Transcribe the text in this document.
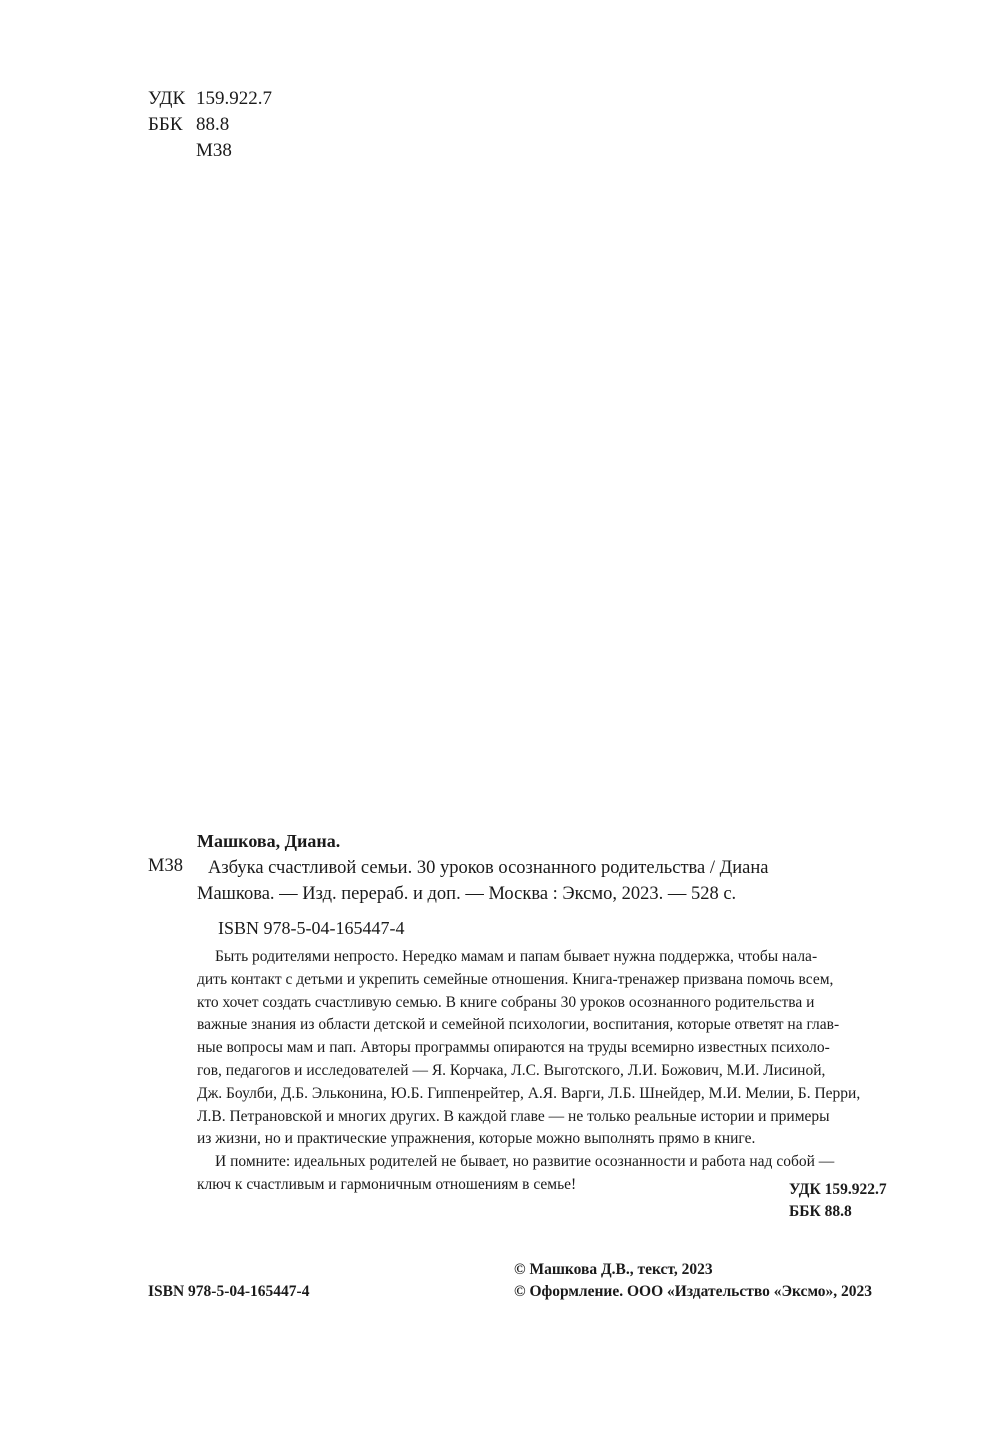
УДК 159.922.7
ББК 88.8
М38
Машкова, Диана.
М38 Азбука счастливой семьи. 30 уроков осознанного родительства / Диана
Машкова. — Изд. перераб. и доп. — Москва : Эксмо, 2023. — 528 с.
ISBN 978-5-04-165447-4
Быть родителями непросто. Нередко мамам и папам бывает нужна поддержка, чтобы нала-
дить контакт с детьми и укрепить семейные отношения. Книга-тренажер призвана помочь всем,
кто хочет создать счастливую семью. В книге собраны 30 уроков осознанного родительства и
важные знания из области детской и семейной психологии, воспитания, которые ответят на глав-
ные вопросы мам и пап. Авторы программы опираются на труды всемирно известных психоло-
гов, педагогов и исследователей — Я. Корчака, Л.С. Выготского, Л.И. Божович, М.И. Лисиной,
Дж. Боулби, Д.Б. Эльконина, Ю.Б. Гиппенрейтер, А.Я. Варги, Л.Б. Шнейдер, М.И. Мелии, Б. Перри,
Л.В. Петрановской и многих других. В каждой главе — не только реальные истории и примеры
из жизни, но и практические упражнения, которые можно выполнять прямо в книге.
И помните: идеальных родителей не бывает, но развитие осознанности и работа над собой —
ключ к счастливым и гармоничным отношениям в семье!	УДК 159.922.7
ББК 88.8
© Машкова Д.В., текст, 2023
ISBN 978-5-04-165447-4	© Оформление. ООО «Издательство «Эксмо», 2023
